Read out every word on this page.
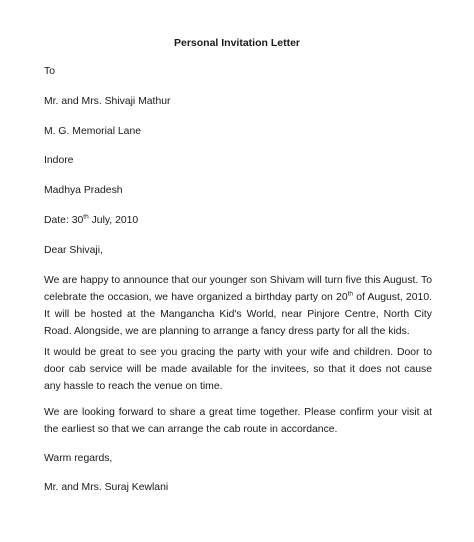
Personal Invitation Letter
To
Mr. and Mrs. Shivaji Mathur
M. G. Memorial Lane
Indore
Madhya Pradesh
Date: 30th July, 2010
Dear Shivaji,
We are happy to announce that our younger son Shivam will turn five this August. To celebrate the occasion, we have organized a birthday party on 20th of August, 2010. It will be hosted at the Mangancha Kid's World, near Pinjore Centre, North City Road. Alongside, we are planning to arrange a fancy dress party for all the kids.
It would be great to see you gracing the party with your wife and children. Door to door cab service will be made available for the invitees, so that it does not cause any hassle to reach the venue on time.
We are looking forward to share a great time together. Please confirm your visit at the earliest so that we can arrange the cab route in accordance.
Warm regards,
Mr. and Mrs. Suraj Kewlani
